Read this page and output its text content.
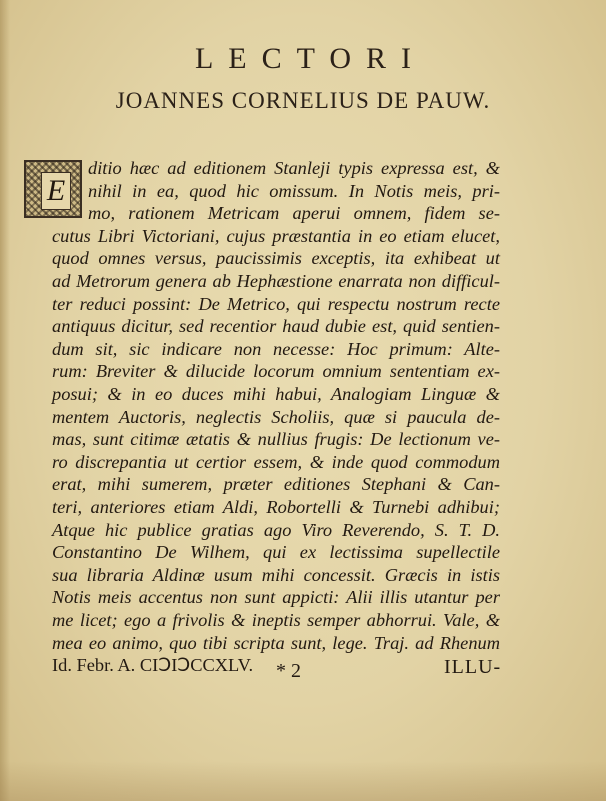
LECTORI
JOANNES CORNELIUS DE PAUW.
E
ditio hæc ad editionem Stanleji typis expressa est, &
nihil in ea, quod hic omissum. In Notis meis, pri-
mo, rationem Metricam aperui omnem, fidem se-
cutus Libri Victoriani, cujus præstantia in eo etiam elucet,
quod omnes versus, paucissimis exceptis, ita exhibeat ut
ad Metrorum genera ab Hephæstione enarrata non difficul-
ter reduci possint: De Metrico, qui respectu nostrum recte
antiquus dicitur, sed recentior haud dubie est, quid sentien-
dum sit, sic indicare non necesse: Hoc primum: Alte-
rum: Breviter & dilucide locorum omnium sententiam ex-
posui; & in eo duces mihi habui, Analogiam Linguæ &
mentem Auctoris, neglectis Scholiis, quæ si paucula de-
mas, sunt citimæ ætatis & nullius frugis: De lectionum ve-
ro discrepantia ut certior essem, & inde quod commodum
erat, mihi sumerem, præter editiones Stephani & Can-
teri, anteriores etiam Aldi, Robortelli & Turnebi adhibui;
Atque hic publice gratias ago Viro Reverendo, S. T. D.
Constantino De Wilhem, qui ex lectissima supellectile
sua libraria Aldinæ usum mihi concessit. Græcis in istis
Notis meis accentus non sunt appicti: Alii illis utantur per
me licet; ego a frivolis & ineptis semper abhorrui. Vale, &
mea eo animo, quo tibi scripta sunt, lege. Traj. ad Rhenum
Id. Febr. A. CIↃIↃCCXLV.	* 2	ILLU-
